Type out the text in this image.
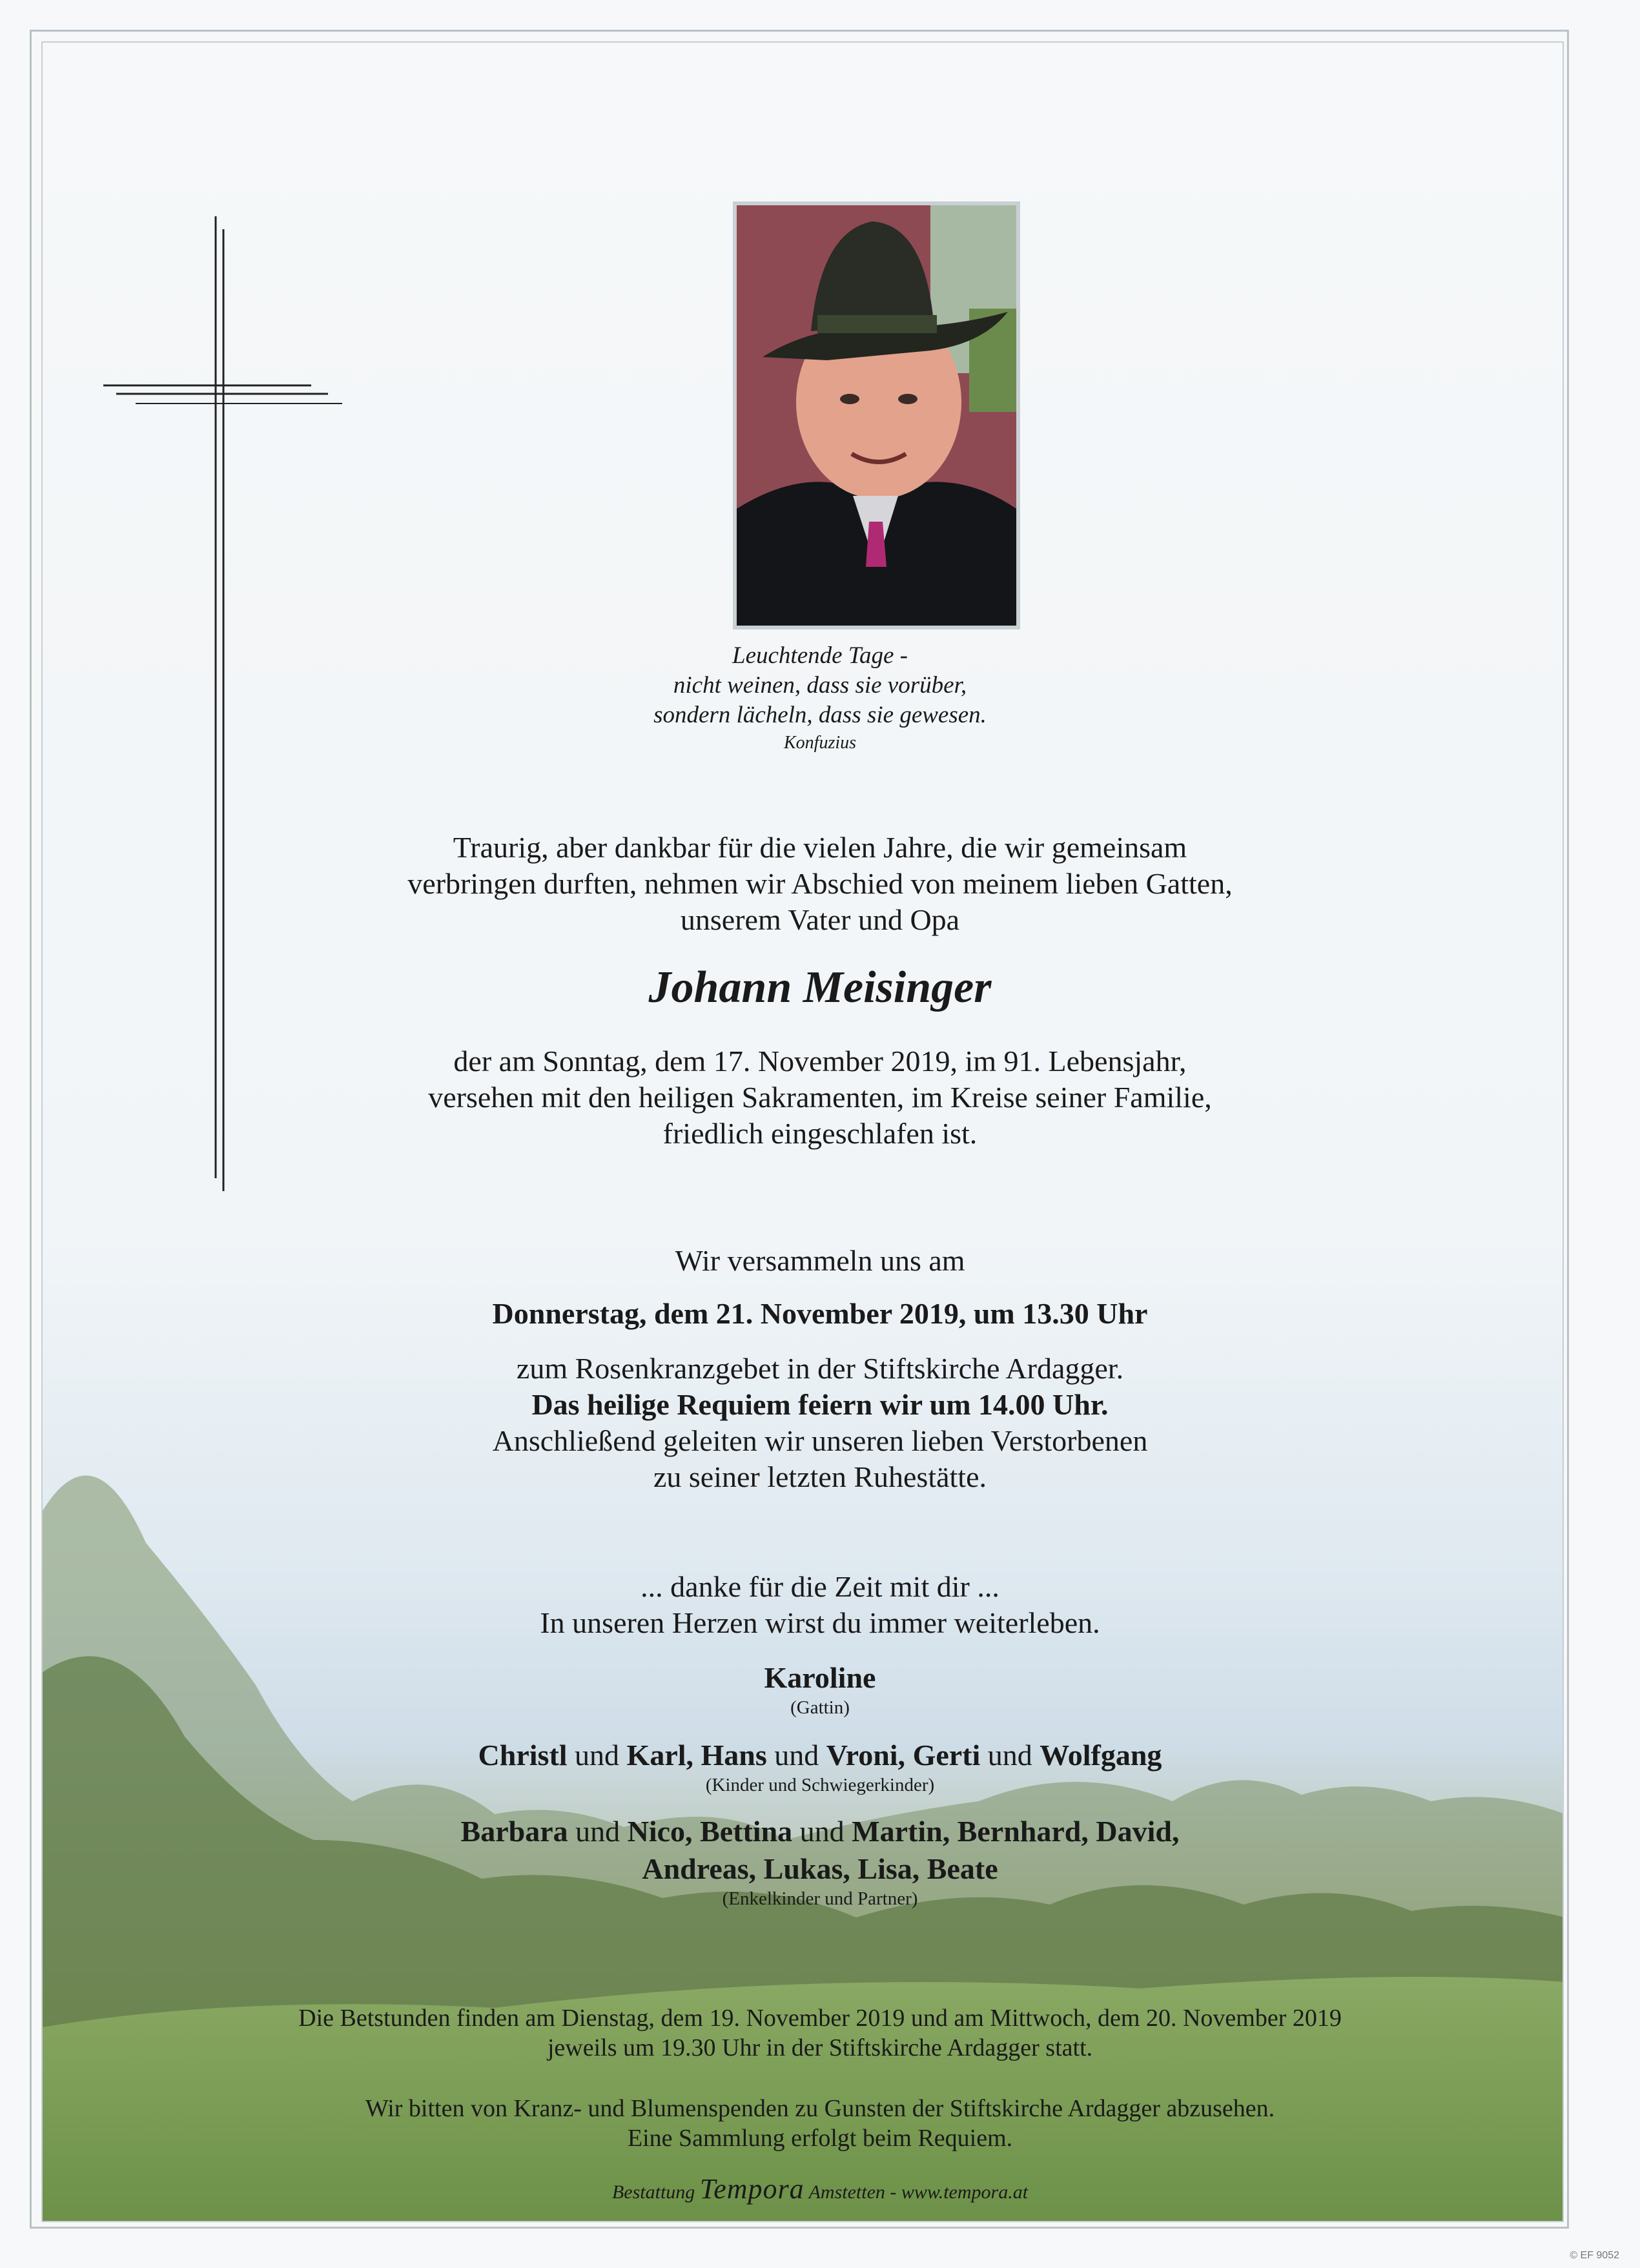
Leuchtende Tage -
nicht weinen, dass sie vorüber,
sondern lächeln, dass sie gewesen.
Konfuzius
Traurig, aber dankbar für die vielen Jahre, die wir gemeinsam
verbringen durften, nehmen wir Abschied von meinem lieben Gatten,
unserem Vater und Opa
Johann Meisinger
der am Sonntag, dem 17. November 2019, im 91. Lebensjahr,
versehen mit den heiligen Sakramenten, im Kreise seiner Familie,
friedlich eingeschlafen ist.
Wir versammeln uns am
Donnerstag, dem 21. November 2019, um 13.30 Uhr
zum Rosenkranzgebet in der Stiftskirche Ardagger.
Das heilige Requiem feiern wir um 14.00 Uhr.
Anschließend geleiten wir unseren lieben Verstorbenen
zu seiner letzten Ruhestätte.
... danke für die Zeit mit dir ...
In unseren Herzen wirst du immer weiterleben.
Karoline
(Gattin)
Christl und Karl, Hans und Vroni, Gerti und Wolfgang
(Kinder und Schwiegerkinder)
Barbara und Nico, Bettina und Martin, Bernhard, David,
Andreas, Lukas, Lisa, Beate
(Enkelkinder und Partner)
Die Betstunden finden am Dienstag, dem 19. November 2019 und am Mittwoch, dem 20. November 2019
jeweils um 19.30 Uhr in der Stiftskirche Ardagger statt.
Wir bitten von Kranz- und Blumenspenden zu Gunsten der Stiftskirche Ardagger abzusehen.
Eine Sammlung erfolgt beim Requiem.
Bestattung Tempora Amstetten - www.tempora.at
© EF 9052
